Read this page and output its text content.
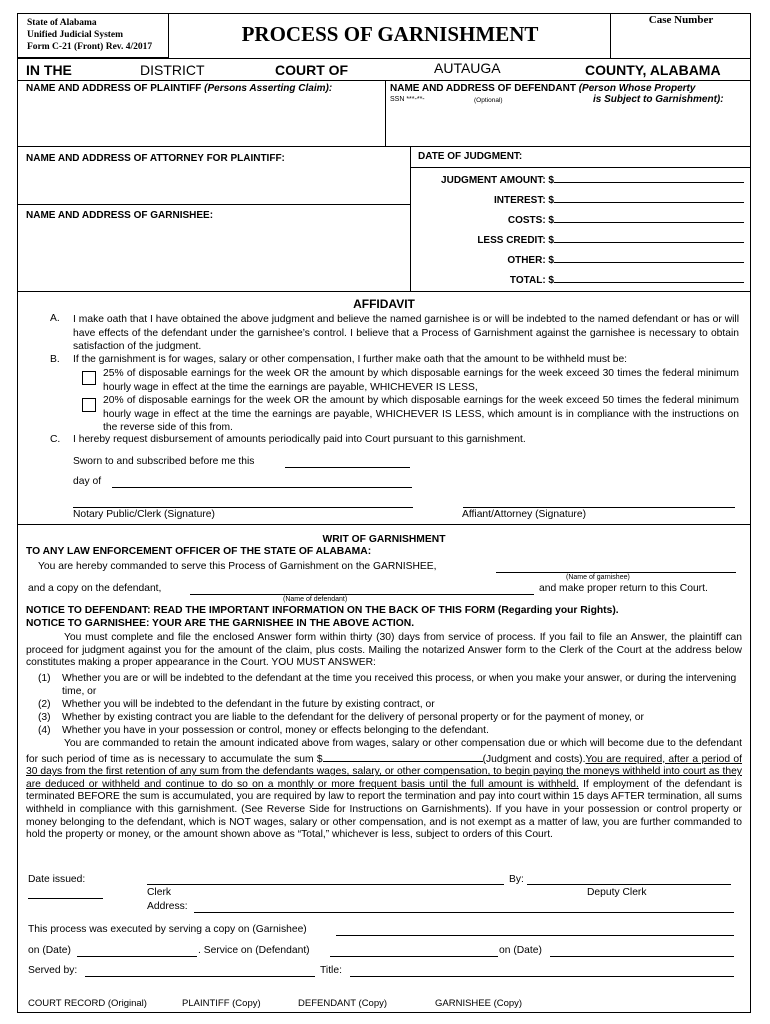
State of Alabama
Unified Judicial System
Form C-21 (Front) Rev. 4/2017
PROCESS OF GARNISHMENT
Case Number
IN THE	DISTRICT	COURT OF	AUTAUGA	COUNTY, ALABAMA
NAME AND ADDRESS OF PLAINTIFF (Persons Asserting Claim):	NAME AND ADDRESS OF DEFENDANT (Person Whose Property
is Subject to Garnishment):
SSN ***-**-	(Optional)
NAME AND ADDRESS OF ATTORNEY FOR PLAINTIFF:
NAME AND ADDRESS OF GARNISHEE:
DATE OF JUDGMENT:
JUDGMENT AMOUNT: $
INTEREST: $
COSTS: $
LESS CREDIT: $
OTHER: $
TOTAL: $
AFFIDAVIT
A. I make oath that I have obtained the above judgment and believe the named garnishee is or will be indebted to the named defendant or has or will have effects of the defendant under the garnishee’s control. I believe that a Process of Garnishment against the garnishee is necessary to obtain satisfaction of the judgment.
B. If the garnishment is for wages, salary or other compensation, I further make oath that the amount to be withheld must be:
25% of disposable earnings for the week OR the amount by which disposable earnings for the week exceed 30 times the federal minimum hourly wage in effect at the time the earnings are payable, WHICHEVER IS LESS,
20% of disposable earnings for the week OR the amount by which disposable earnings for the week exceed 50 times the federal minimum hourly wage in effect at the time the earnings are payable, WHICHEVER IS LESS, which amount is in compliance with the instructions on the reverse side of this from.
C. I hereby request disbursement of amounts periodically paid into Court pursuant to this garnishment.
Sworn to and subscribed before me this
day of
Notary Public/Clerk (Signature)	Affiant/Attorney (Signature)
WRIT OF GARNISHMENT
TO ANY LAW ENFORCEMENT OFFICER OF THE STATE OF ALABAMA:
You are hereby commanded to serve this Process of Garnishment on the GARNISHEE,
(Name of garnishee)
and a copy on the defendant,	and make proper return to this Court.
(Name of defendant)
NOTICE TO DEFENDANT: READ THE IMPORTANT INFORMATION ON THE BACK OF THIS FORM (Regarding your Rights).
NOTICE TO GARNISHEE: YOUR ARE THE GARNISHEE IN THE ABOVE ACTION.
You must complete and file the enclosed Answer form within thirty (30) days from service of process. If you fail to file an Answer, the plaintiff can proceed for judgment against you for the amount of the claim, plus costs. Mailing the notarized Answer form to the Clerk of the Court at the address below constitutes making a proper appearance in the Court. YOU MUST ANSWER:
(1) Whether you are or will be indebted to the defendant at the time you received this process, or when you make your answer, or during the intervening time, or
(2) Whether you will be indebted to the defendant in the future by existing contract, or
(3) Whether by existing contract you are liable to the defendant for the delivery of personal property or for the payment of money, or
(4) Whether you have in your possession or control, money or effects belonging to the defendant.
You are commanded to retain the amount indicated above from wages, salary or other compensation due or which will become due to the defendant for such period of time as is necessary to accumulate the sum $	(Judgment and costs).You are required, after a period of 30 days from the first retention of any sum from the defendants wages, salary, or other compensation, to begin paying the moneys withheld into court as they are deduced or withheld and continue to do so on a monthly or more frequent basis until the full amount is withheld. If employment of the defendant is terminated BEFORE the sum is accumulated, you are required by law to report the termination and pay into court within 15 days AFTER termination, all sums withheld in compliance with this garnishment. (See Reverse Side for Instructions on Garnishments). If you have in your possession or control property or money belonging to the defendant, which is NOT wages, salary or other compensation, and is not exempt as a matter of law, you are further commanded to hold the property or money, or the amount shown above as “Total,” whichever is less, subject to orders of this Court.
Date issued:	By:
Clerk	Deputy Clerk
Address:
This process was executed by serving a copy on (Garnishee)
on (Date)	. Service on (Defendant)	on (Date)
Served by:	Title:
COURT RECORD (Original)	PLAINTIFF (Copy)	DEFENDANT (Copy)	GARNISHEE (Copy)
